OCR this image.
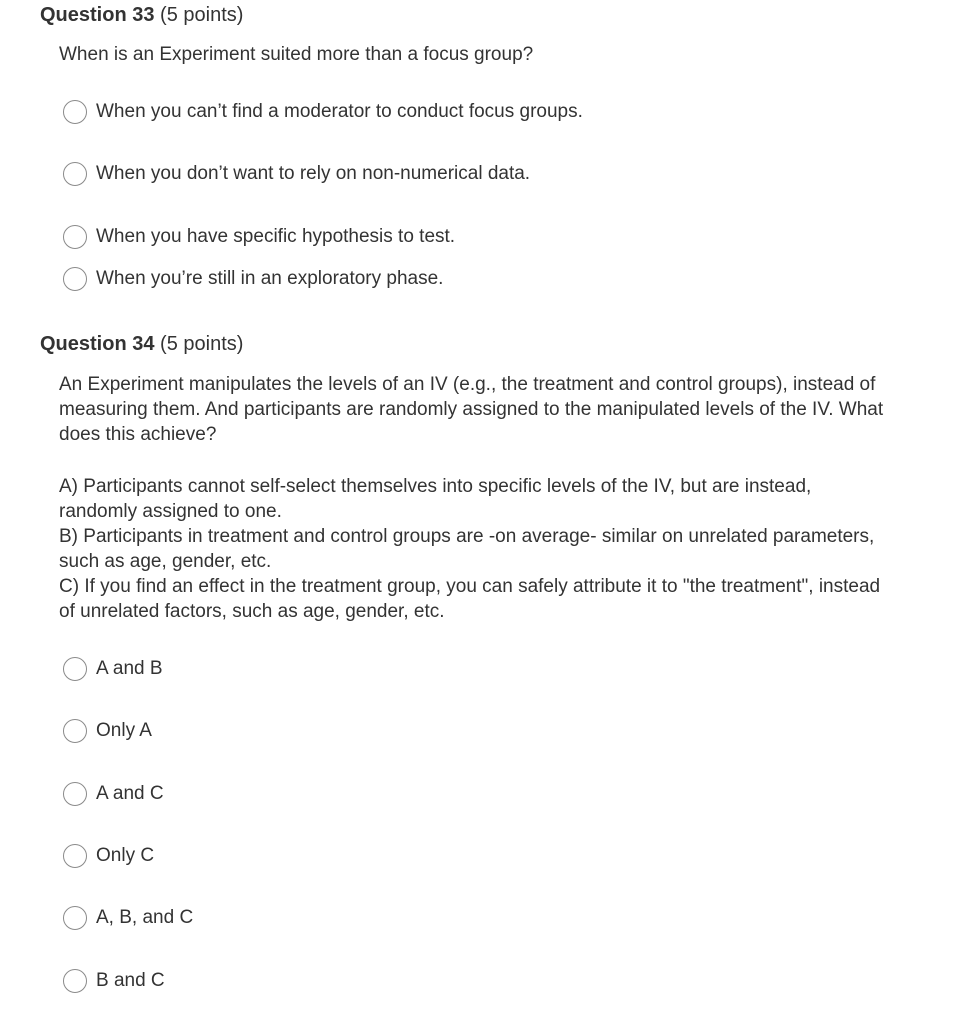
Question 33 (5 points)

When is an Experiment suited more than a focus group?

When you can’t find a moderator to conduct focus groups.
When you don’t want to rely on non-numerical data.
When you have specific hypothesis to test.
When you’re still in an exploratory phase.
Question 34 (5 points)

An Experiment manipulates the levels of an IV (e.g., the treatment and control groups), instead of measuring them. And participants are randomly assigned to the manipulated levels of the IV. What does this achieve?

A) Participants cannot self-select themselves into specific levels of the IV, but are instead, randomly assigned to one.

B) Participants in treatment and control groups are -on average- similar on unrelated parameters, such as age, gender, etc.

C) If you find an effect in the treatment group, you can safely attribute it to "the treatment", instead of unrelated factors, such as age, gender, etc.

A and B
Only A
A and C
Only C
A, B, and C
B and C
